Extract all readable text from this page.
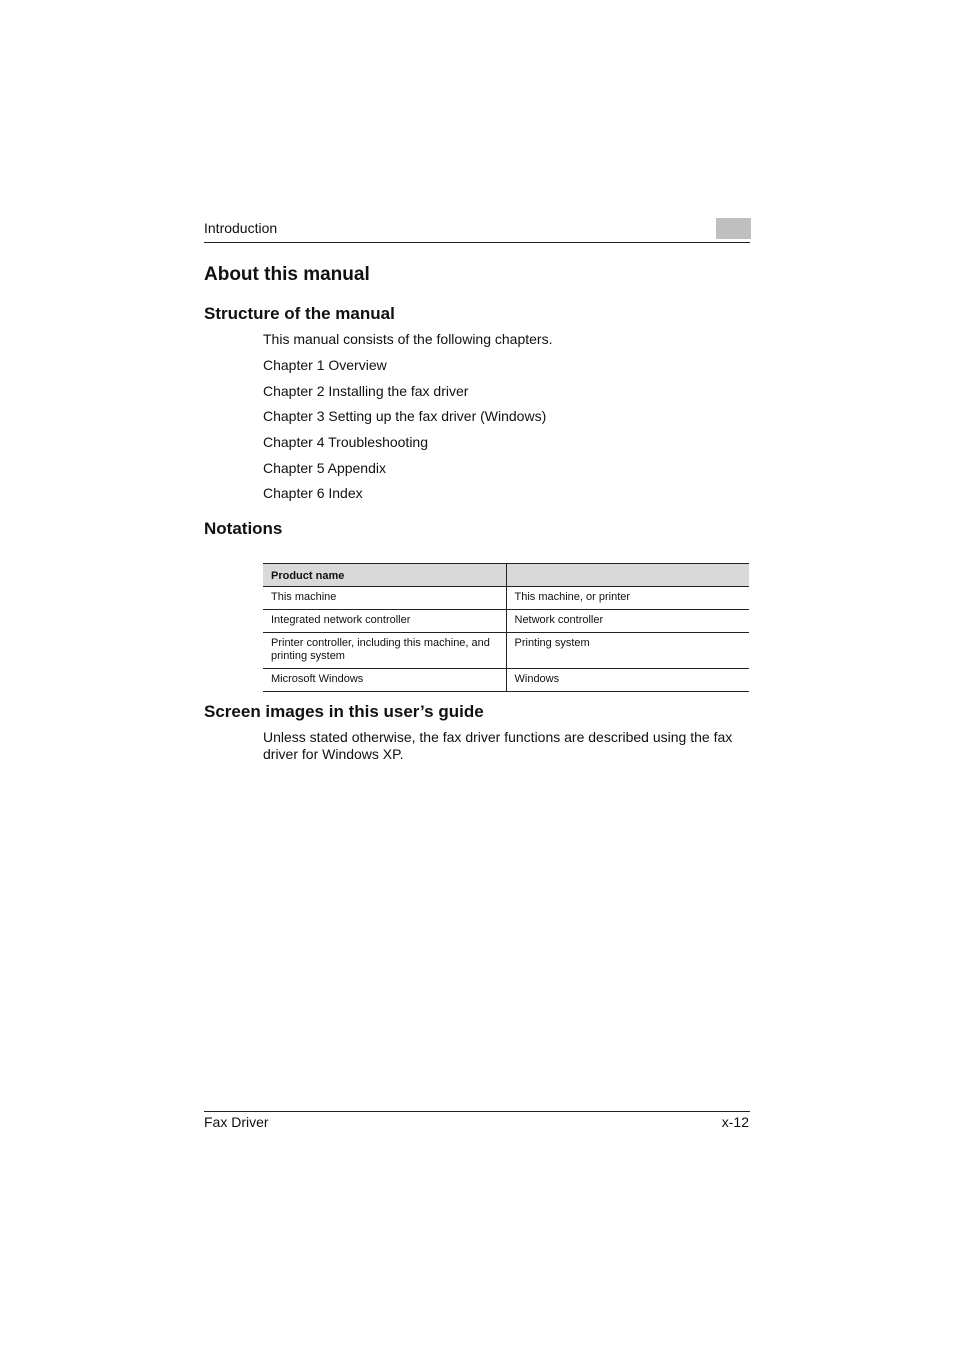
Introduction
About this manual
Structure of the manual
This manual consists of the following chapters.
Chapter 1 Overview
Chapter 2 Installing the fax driver
Chapter 3 Setting up the fax driver (Windows)
Chapter 4 Troubleshooting
Chapter 5 Appendix
Chapter 6 Index
Notations
Product name	
This machine	This machine, or printer
Integrated network controller	Network controller
Printer controller, including this machine, and printing system	Printing system
Microsoft Windows	Windows
Screen images in this user’s guide
Unless stated otherwise, the fax driver functions are described using the fax driver for Windows XP.
Fax Driver	x-12
